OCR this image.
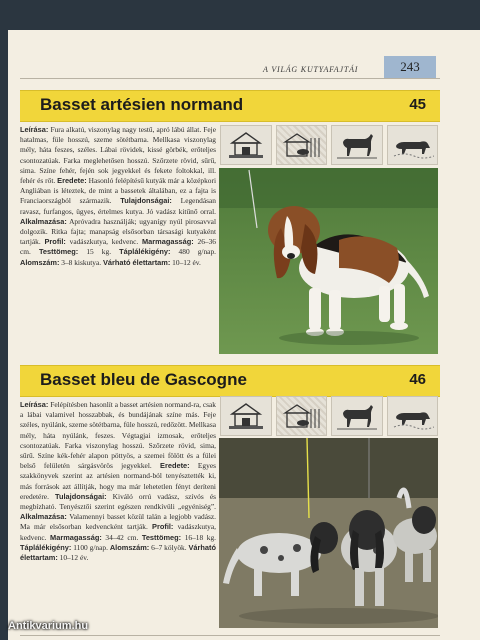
A VILÁG KUTYAFAJTÁI	243
Basset artésien normand	45
Leírása: Fura alkatú, viszonylag nagy testű, apró lábú állat. Feje hatalmas, füle hosszú, szeme sötétbarna. Mellkasa viszonylag mély, háta feszes, széles. Lábai rövidek, kissé görbék, erőteljes csontozatúak. Farka meglehetősen hosszú. Szőrzete rövid, sűrű, sima. Színe fehér, fején sok jegyekkel és fekete foltokkal, ill. fehér és rőt. Eredete: Hasonló felépítésű kutyák már a középkori Angliában is léteztek, de mint a bassetek általában, ez a fajta is Franciaországból származik. Tulajdonságai: Legendásan ravasz, furfangos, ügyes, értelmes kutya. Jó vadász kitűnő orral. Alkalmazása: Apróvadra használják; ugyanígy nyúl pirosavval dolgozik. Ritka fajta; manapság elsősorban társasági kutyaként tartják. Profil: vadászkutya, kedvenc. Marmagasság: 26–36 cm. Testtömeg: 15 kg. Táplálékigény: 480 g/nap. Alomszám: 3–8 kiskutya. Várható élettartam: 10–12 év.
Basset bleu de Gascogne	46
Leírása: Felépítésben hasonlít a basset artésien normand-ra, csak a lábai valamivel hosszabbak, és bundájának színe más. Feje széles, nyúlánk, szeme sötétbarna, füle hosszú, redőzött. Mellkasa mély, háta nyúlánk, feszes. Végtagjai izmosak, erőteljes csontozatúak. Farka viszonylag hosszú. Szőrzete rövid, sima, sűrű. Színe kék-fehér alapon pöttyös, a szemei fölött és a fülei belső felületén sárgásvörös jegyekkel. Eredete: Egyes szakkönyvek szerint az artésien normand-ból tenyésztették ki, más források azt állítják, hogy ma már lehetetlen fényt deríteni eredetére. Tulajdonságai: Kiváló orrú vadász, szívós és megbízható. Tenyésztői szerint egészen rendkívüli „egyéniség”. Alkalmazása: Valamennyi basset közül talán a legjobb vadász. Ma már elsősorban kedvencként tartják. Profil: vadászkutya, kedvenc. Marmagasság: 34–42 cm. Testtömeg: 16–18 kg. Táplálékigény: 1100 g/nap. Alomszám: 6–7 kölyök. Várható élettartam: 10–12 év.
Antikvarium.hu
